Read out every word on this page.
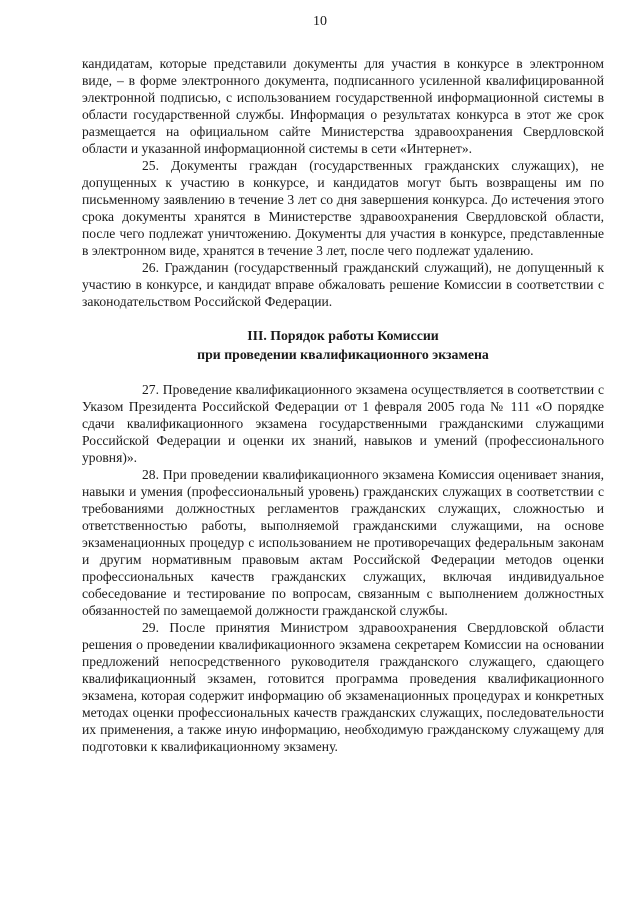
10

кандидатам, которые представили документы для участия в конкурсе в электронном виде, – в форме электронного документа, подписанного усиленной квалифицированной электронной подписью, с использованием государственной информационной системы в области государственной службы. Информация о результатах конкурса в этот же срок размещается на официальном сайте Министерства здравоохранения Свердловской области и указанной информационной системы в сети «Интернет».

25. Документы граждан (государственных гражданских служащих), не допущенных к участию в конкурсе, и кандидатов могут быть возвращены им по письменному заявлению в течение 3 лет со дня завершения конкурса. До истечения этого срока документы хранятся в Министерстве здравоохранения Свердловской области, после чего подлежат уничтожению. Документы для участия в конкурсе, представленные в электронном виде, хранятся в течение 3 лет, после чего подлежат удалению.

26. Гражданин (государственный гражданский служащий), не допущенный к участию в конкурсе, и кандидат вправе обжаловать решение Комиссии в соответствии с законодательством Российской Федерации.

III. Порядок работы Комиссии
при проведении квалификационного экзамена

27. Проведение квалификационного экзамена осуществляется в соответствии с Указом Президента Российской Федерации от 1 февраля 2005 года № 111 «О порядке сдачи квалификационного экзамена государственными гражданскими служащими Российской Федерации и оценки их знаний, навыков и умений (профессионального уровня)».

28. При проведении квалификационного экзамена Комиссия оценивает знания, навыки и умения (профессиональный уровень) гражданских служащих в соответствии с требованиями должностных регламентов гражданских служащих, сложностью и ответственностью работы, выполняемой гражданскими служащими, на основе экзаменационных процедур с использованием не противоречащих федеральным законам и другим нормативным правовым актам Российской Федерации методов оценки профессиональных качеств гражданских служащих, включая индивидуальное собеседование и тестирование по вопросам, связанным с выполнением должностных обязанностей по замещаемой должности гражданской службы.

29. После принятия Министром здравоохранения Свердловской области решения о проведении квалификационного экзамена секретарем Комиссии на основании предложений непосредственного руководителя гражданского служащего, сдающего квалификационный экзамен, готовится программа проведения квалификационного экзамена, которая содержит информацию об экзаменационных процедурах и конкретных методах оценки профессиональных качеств гражданских служащих, последовательности их применения, а также иную информацию, необходимую гражданскому служащему для подготовки к квалификационному экзамену.
